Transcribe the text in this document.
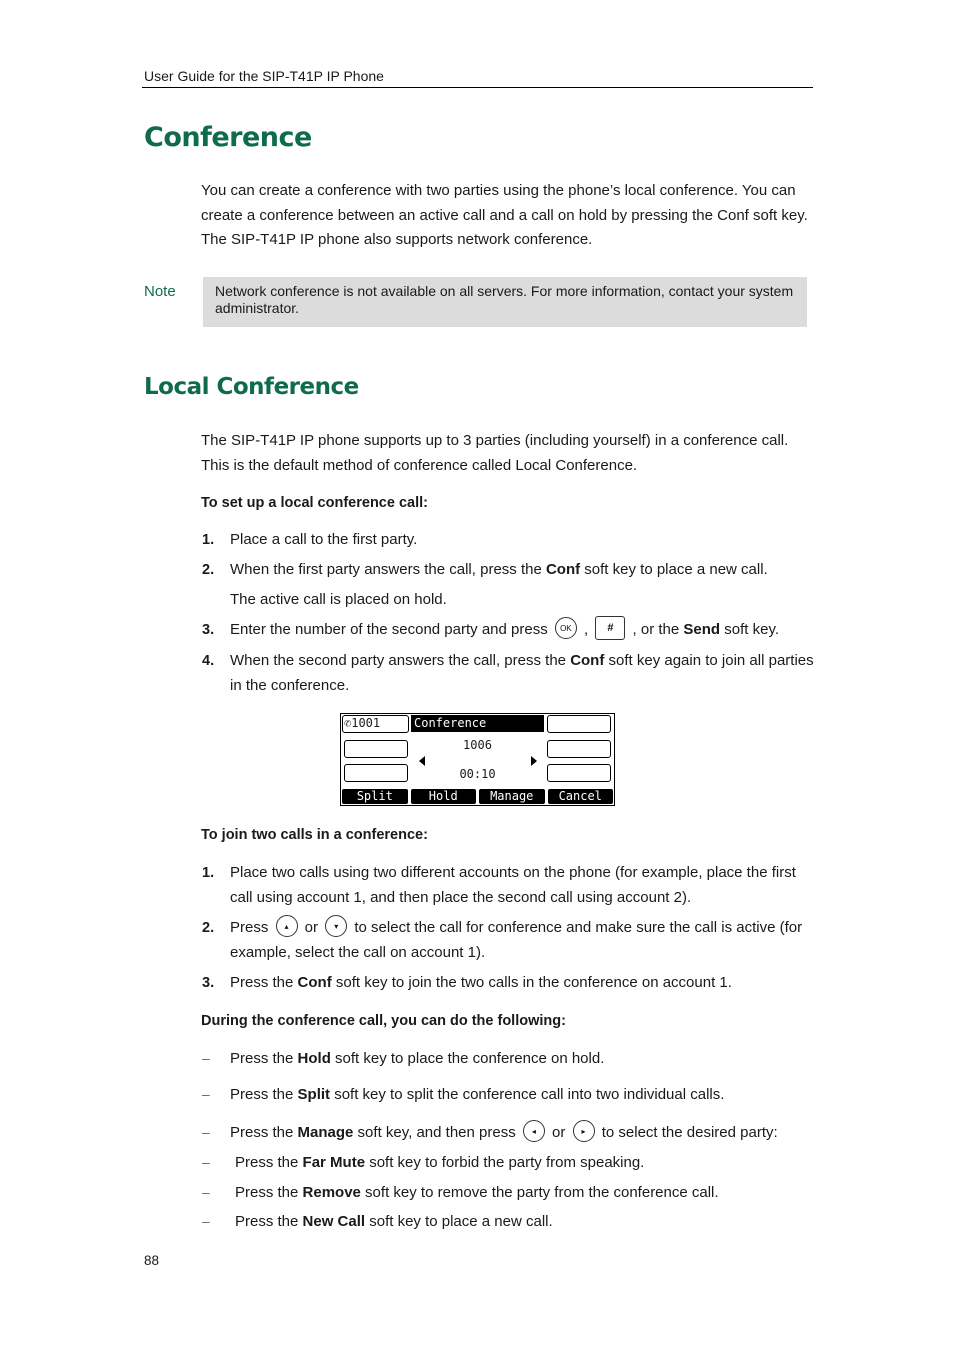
User Guide for the SIP-T41P IP Phone
Conference
You can create a conference with two parties using the phone’s local conference. You can create a conference between an active call and a call on hold by pressing the Conf soft key. The SIP-T41P IP phone also supports network conference.
Note	Network conference is not available on all servers. For more information, contact your system administrator.
Local Conference
The SIP-T41P IP phone supports up to 3 parties (including yourself) in a conference call. This is the default method of conference called Local Conference.
To set up a local conference call:
1. Place a call to the first party.
2. When the first party answers the call, press the Conf soft key to place a new call.
The active call is placed on hold.
3. Enter the number of the second party and press OK , # , or the Send soft key.
4. When the second party answers the call, press the Conf soft key again to join all parties in the conference.
✆1001	Conference
1006
00:10
Split	Hold	Manage	Cancel
To join two calls in a conference:
1. Place two calls using two different accounts on the phone (for example, place the first call using account 1, and then place the second call using account 2).
2. Press ▴ or ▾ to select the call for conference and make sure the call is active (for example, select the call on account 1).
3. Press the Conf soft key to join the two calls in the conference on account 1.
During the conference call, you can do the following:
– Press the Hold soft key to place the conference on hold.
– Press the Split soft key to split the conference call into two individual calls.
– Press the Manage soft key, and then press ◂ or ▸ to select the desired party:
– Press the Far Mute soft key to forbid the party from speaking.
– Press the Remove soft key to remove the party from the conference call.
– Press the New Call soft key to place a new call.
88
